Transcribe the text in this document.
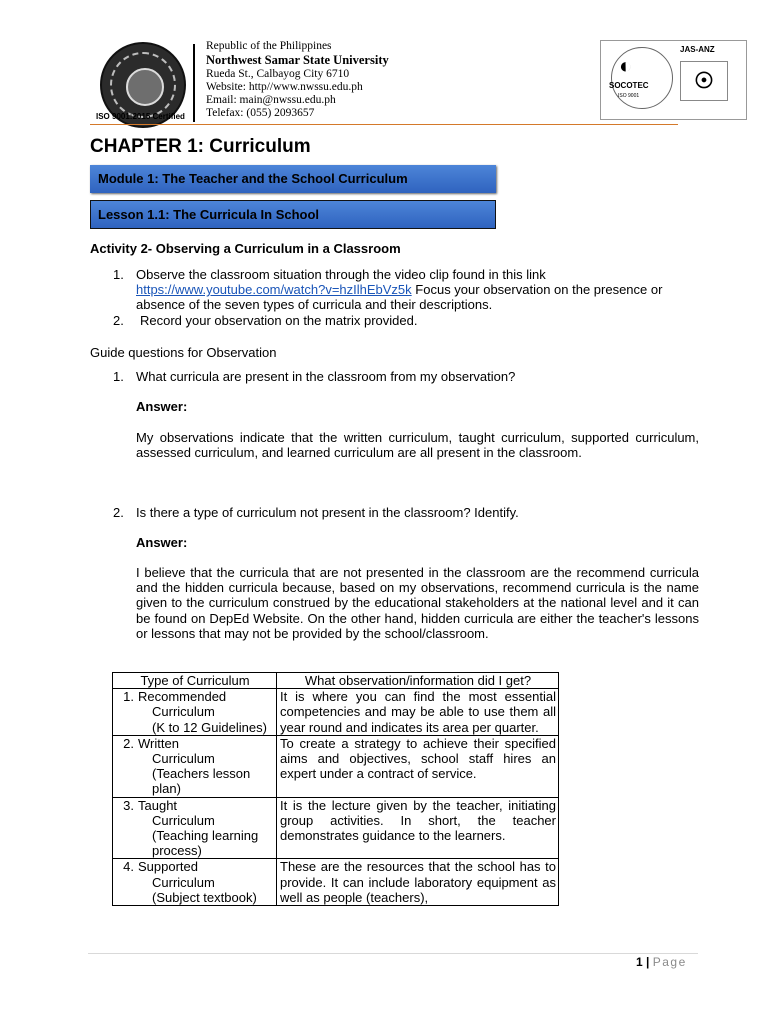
ISO 9001:2015 Certified
Republic of the Philippines
Northwest Samar State University
Rueda St., Calbayog City 6710
Website: http//www.nwssu.edu.ph
Email: main@nwssu.edu.ph
Telefax: (055) 2093657
◐
SOCOTEC
ISO 9001
JAS-ANZ
☉
CHAPTER 1: Curriculum
Module 1: The Teacher and the School Curriculum
Lesson 1.1: The Curricula In School
Activity 2- Observing a Curriculum in a Classroom
1. Observe the classroom situation through the video clip found in this link
https://www.youtube.com/watch?v=hzIlhEbVz5k Focus your observation on the presence or absence of the seven types of curricula and their descriptions.
2. Record your observation on the matrix provided.
Guide questions for Observation
1. What curricula are present in the classroom from my observation?
Answer:
My observations indicate that the written curriculum, taught curriculum, supported curriculum, assessed curriculum, and learned curriculum are all present in the classroom.
2. Is there a type of curriculum not present in the classroom? Identify.
Answer:
I believe that the curricula that are not presented in the classroom are the recommend curricula and the hidden curricula because, based on my observations, recommend curricula is the name given to the curriculum construed by the educational stakeholders at the national level and it can be found on DepEd Website. On the other hand, hidden curricula are either the teacher's lessons or lessons that may not be provided by the school/classroom.
Type of Curriculum	What observation/information did I get?

1. Recommended
Curriculum
(K to 12 Guidelines)	It is where you can find the most essential competencies and may be able to use them all year round and indicates its area per quarter.

2. Written
Curriculum
(Teachers lesson plan)	To create a strategy to achieve their specified aims and objectives, school staff hires an expert under a contract of service.

3. Taught
Curriculum
(Teaching learning process)	It is the lecture given by the teacher, initiating group activities. In short, the teacher demonstrates guidance to the learners.

4. Supported
Curriculum
(Subject textbook)	These are the resources that the school has to provide. It can include laboratory equipment as well as people (teachers),
1 | Page
